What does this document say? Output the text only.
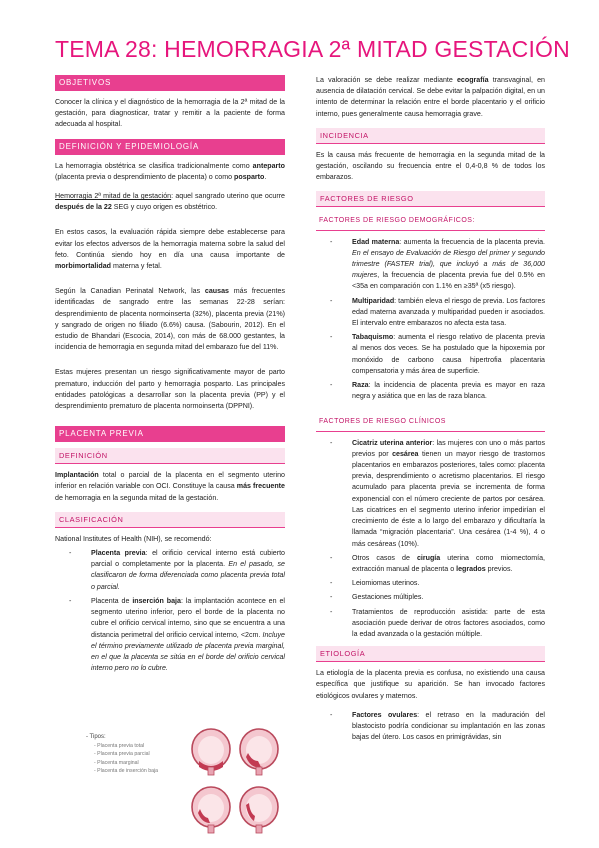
TEMA 28: HEMORRAGIA 2ª MITAD GESTACIÓN
OBJETIVOS

Conocer la clínica y el diagnóstico de la hemorragia de la 2ª mitad de la gestación, para diagnosticar, tratar y remitir a la paciente de forma adecuada al hospital.

DEFINICIÓN Y EPIDEMIOLOGÍA

La hemorragia obstétrica se clasifica tradicionalmente como anteparto (placenta previa o desprendimiento de placenta) o como posparto.

Hemorragia 2ª mitad de la gestación: aquel sangrado uterino que ocurre después de la 22 SEG y cuyo origen es obstétrico.

En estos casos, la evaluación rápida siempre debe establecerse para evitar los efectos adversos de la hemorragia materna sobre la salud del feto. Continúa siendo hoy en día una causa importante de morbimortalidad materna y fetal.

Según la Canadian Perinatal Network, las causas más frecuentes identificadas de sangrado entre las semanas 22-28 serían: desprendimiento de placenta normoinserta (32%), placenta previa (21%) y sangrado de origen no filiado (6.6%) causa. (Sabourin, 2012). En el estudio de Bhandari (Escocia, 2014), con más de 68.000 gestantes, la incidencia de hemorragia en segunda mitad del embarazo fue del 11%.

Estas mujeres presentan un riesgo significativamente mayor de parto prematuro, inducción del parto y hemorragia posparto. Las principales entidades patológicas a desarrollar son la placenta previa (PP) y el desprendimiento prematuro de placenta normoinserta (DPPNI).

PLACENTA PREVIA
DEFINICIÓN

Implantación total o parcial de la placenta en el segmento uterino inferior en relación variable con OCI. Constituye la causa más frecuente de hemorragia en la segunda mitad de la gestación.

CLASIFICACIÓN

National Institutes of Health (NIH), se recomendó:

- Placenta previa: el orificio cervical interno está cubierto parcial o completamente por la placenta. En el pasado, se clasificaron de forma diferenciada como placenta previa total o parcial.
- Placenta de inserción baja: la implantación acontece en el segmento uterino inferior, pero el borde de la placenta no cubre el orificio cervical interno, sino que se encuentra a una distancia perimetral del orificio cervical interno, <2cm. Incluye el término previamente utilizado de placenta previa marginal, en el que la placenta se sitúa en el borde del orificio cervical interno pero no lo cubre.
- Tipos:
- Placenta previa total
- Placenta previa parcial
- Placenta marginal
- Placenta de inserción baja

La valoración se debe realizar mediante ecografía transvaginal, en ausencia de dilatación cervical. Se debe evitar la palpación digital, en un intento de determinar la relación entre el borde placentario y el orificio interno, pues generalmente causa hemorragia grave.

INCIDENCIA

Es la causa más frecuente de hemorragia en la segunda mitad de la gestación, oscilando su frecuencia entre el 0,4-0,8 % de todos los embarazos.

FACTORES DE RIESGO
FACTORES DE RIESGO DEMOGRÁFICOS:
- Edad materna: aumenta la frecuencia de la placenta previa. En el ensayo de Evaluación de Riesgo del primer y segundo trimestre (FASTER trial), que incluyó a más de 36,000 mujeres, la frecuencia de placenta previa fue del 0.5% en <35a en comparación con 1.1% en ≥35ª (x5 riesgo).
- Multiparidad: también eleva el riesgo de previa. Los factores edad materna avanzada y multiparidad pueden ir asociados. El intervalo entre embarazos no afecta esta tasa.
- Tabaquismo: aumenta el riesgo relativo de placenta previa al menos dos veces. Se ha postulado que la hipoxemia por monóxido de carbono causa hipertrofia placentaria compensatoria y más área de superficie.
- Raza: la incidencia de placenta previa es mayor en raza negra y asiática que en las de raza blanca.
FACTORES DE RIESGO CLÍNICOS
- Cicatriz uterina anterior: las mujeres con uno o más partos previos por cesárea tienen un mayor riesgo de trastornos placentarios en embarazos posteriores, tales como: placenta previa, desprendimiento o acretismo placentarios. El riesgo acumulado para placenta previa se incrementa de forma exponencial con el número creciente de partos por cesárea. Las cicatrices en el segmento uterino inferior impedirían el crecimiento de éste a lo largo del embarazo y dificultaría la llamada “migración placentaria”. Una cesárea (1-4 %), 4 o más cesáreas (10%).
- Otros casos de cirugía uterina como miomectomía, extracción manual de placenta o legrados previos.
- Leiomiomas uterinos.
- Gestaciones múltiples.
- Tratamientos de reproducción asistida: parte de esta asociación puede derivar de otros factores asociados, como la edad avanzada o la gestación múltiple.
ETIOLOGÍA

La etiología de la placenta previa es confusa, no existiendo una causa específica que justifique su aparición. Se han invocado factores etiológicos ovulares y maternos.

- Factores ovulares: el retraso en la maduración del blastocisto podría condicionar su implantación en las zonas bajas del útero. Los casos en primigrávidas, sin
